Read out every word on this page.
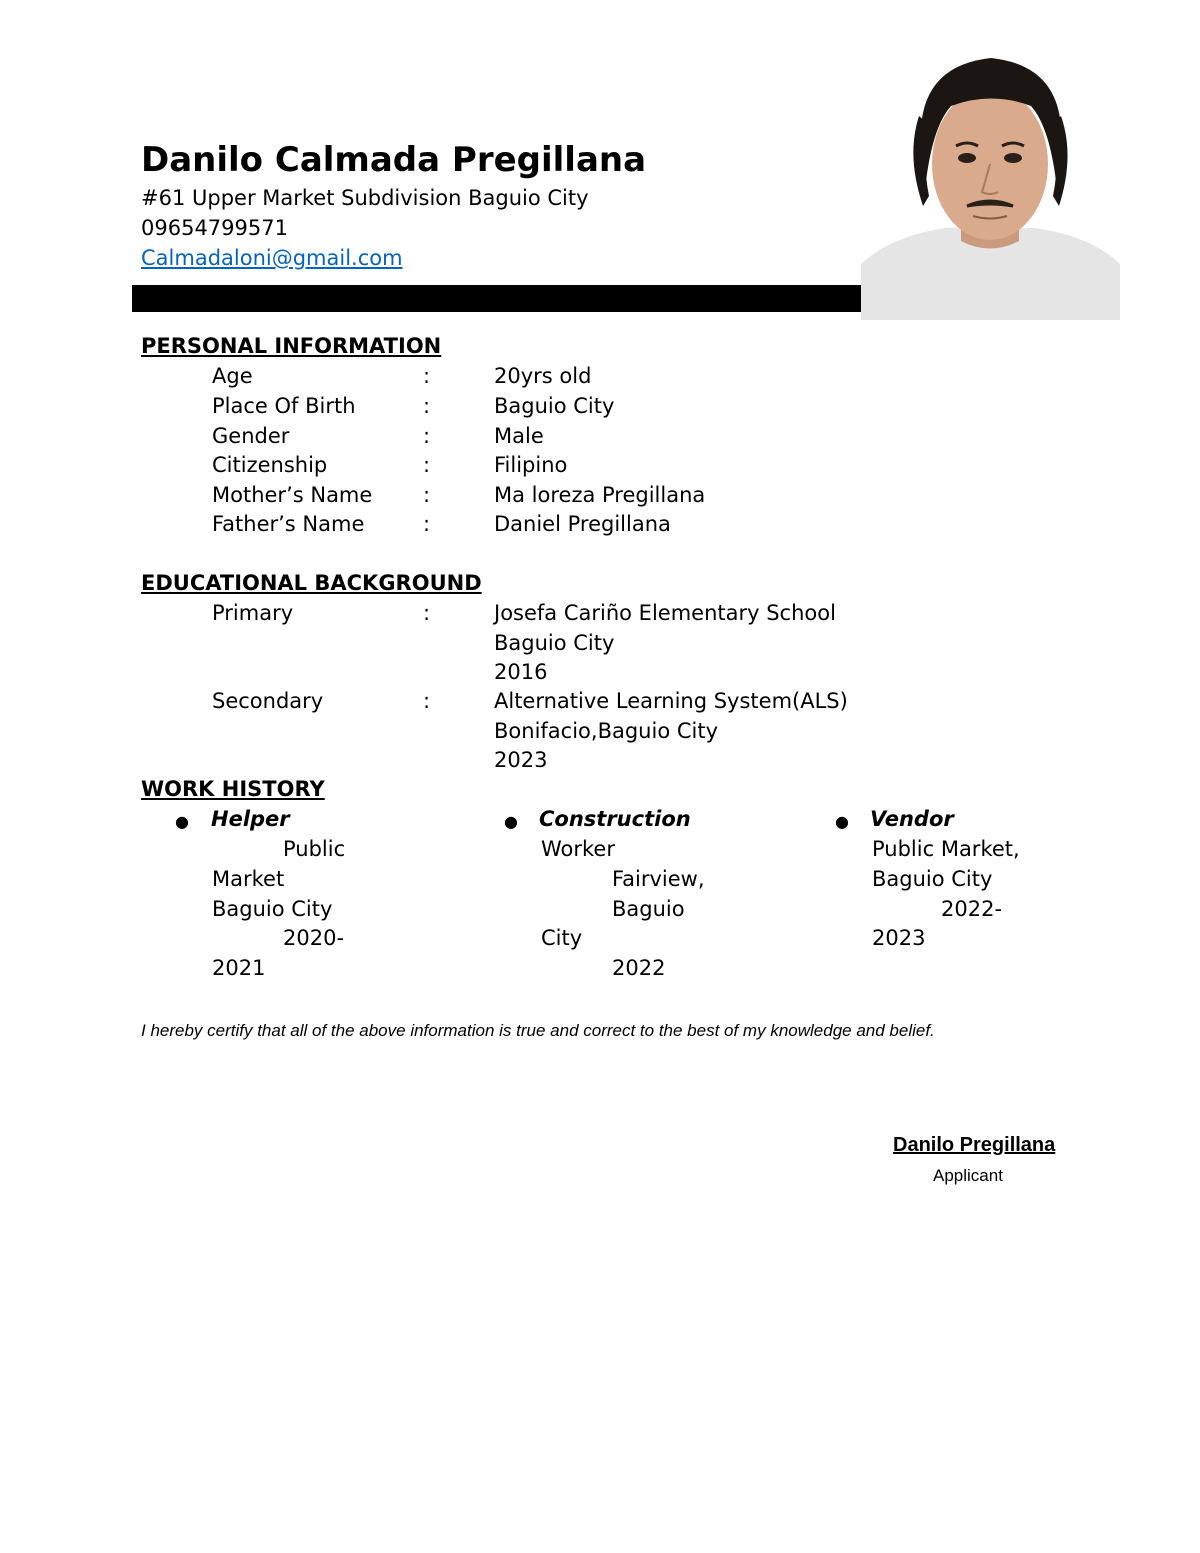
Danilo Calmada Pregillana
#61 Upper Market Subdivision Baguio City
09654799571
Calmadaloni@gmail.com
PERSONAL INFORMATION
Age	:	20yrs old
Place Of Birth	:	Baguio City
Gender	:	Male
Citizenship	:	Filipino
Mother’s Name :	Ma loreza Pregillana
Father’s Name	:	Daniel Pregillana
EDUCATIONAL BACKGROUND
Primary	:	Josefa Cariño Elementary School
Baguio City
2016
Secondary	:	Alternative Learning System(ALS)
Bonifacio,Baguio City
2023
WORK HISTORY
● Helper
Public
Market
Baguio City
2020-
2021
● Construction
Worker
Fairview,
Baguio
City
2022
● Vendor
Public Market,
Baguio City
2022-
2023
I hereby certify that all of the above information is true and correct to the best of my knowledge and belief.
Danilo Pregillana
Applicant
